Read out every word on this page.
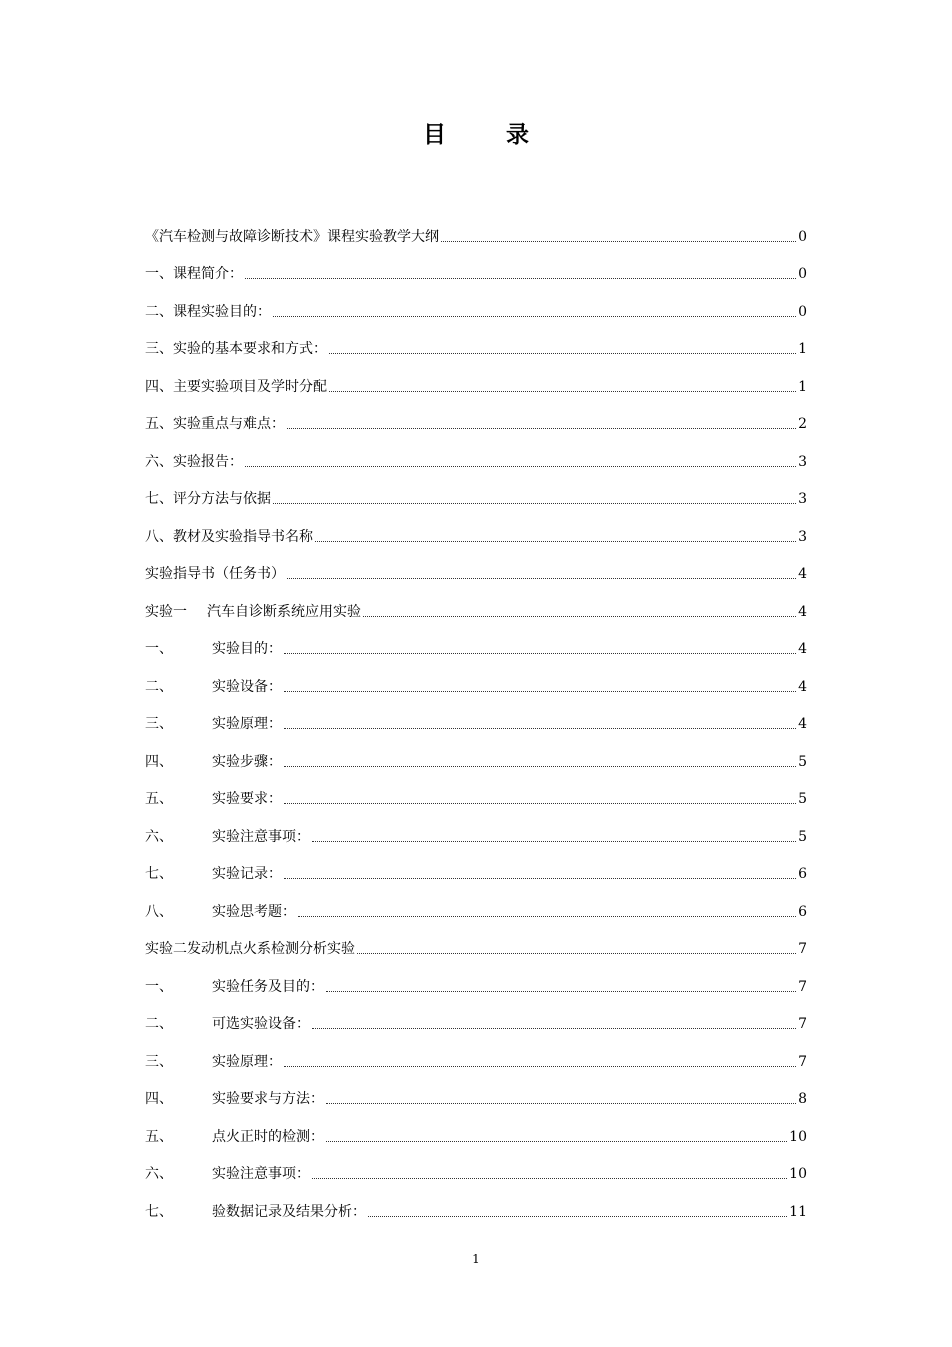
目	录
《汽车检测与故障诊断技术》课程实验教学大纲	0
一、 课程简介：	0
二、 课程实验目的：	0
三、 实验的基本要求和方式：	1
四、 主要实验项目及学时分配	1
五、 实验重点与难点：	2
六、 实验报告：	3
七、 评分方法与依据	3
八、 教材及实验指导书名称	3
实验指导书（任务书）	4
实验一	汽车自诊断系统应用实验	4
一、	实验目的：	4
二、	实验设备：	4
三、	实验原理：	4
四、	实验步骤：	5
五、	实验要求：	5
六、	实验注意事项：	5
七、	实验记录：	6
八、	实验思考题：	6
实验二 发动机点火系检测分析实验	7
一、	实验任务及目的：	7
二、	可选实验设备：	7
三、	实验原理：	7
四、	实验要求与方法：	8
五、	点火正时的检测：	10
六、	实验注意事项：	10
七、	验数据记录及结果分析：	11
1
